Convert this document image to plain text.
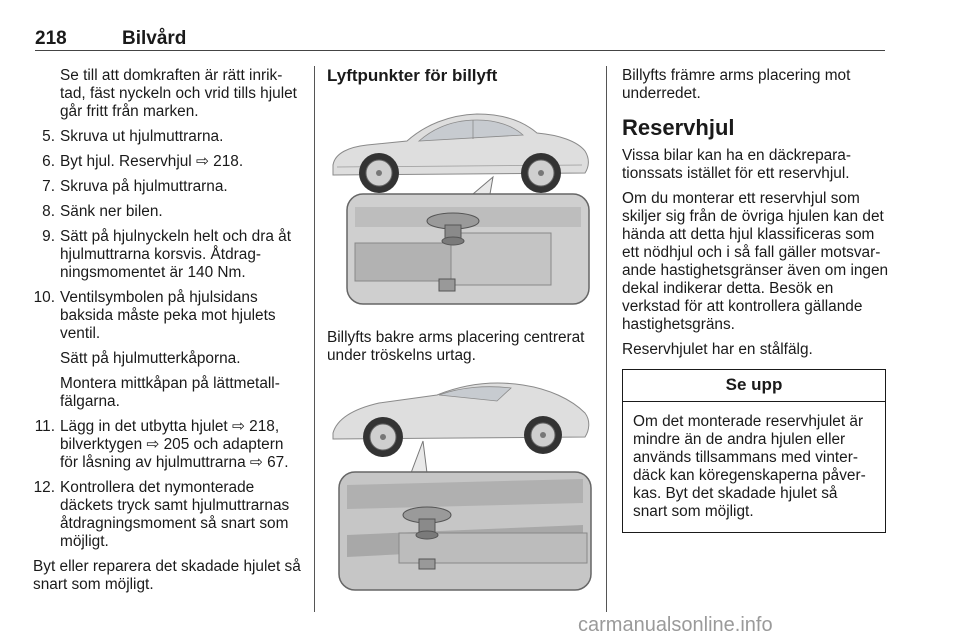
218	Bilvård
Se till att domkraften är rätt inrik-tad, fäst nyckeln och vrid tills hjulet går fritt från marken.
5. Skruva ut hjulmuttrarna.
6. Byt hjul. Reservhjul ⇨ 218.
7. Skruva på hjulmuttrarna.
8. Sänk ner bilen.
9. Sätt på hjulnyckeln helt och dra åt hjulmuttrarna korsvis. Åtdrag-ningsmomentet är 140 Nm.
10. Ventilsymbolen på hjulsidans baksida måste peka mot hjulets ventil.
Sätt på hjulmutterkåporna.
Montera mittkåpan på lättmetall-fälgarna.
11. Lägg in det utbytta hjulet ⇨ 218, bilverktygen ⇨ 205 och adaptern för låsning av hjulmuttrarna ⇨ 67.
12. Kontrollera det nymonterade däckets tryck samt hjulmuttrarnas åtdragningsmoment så snart som möjligt.
Byt eller reparera det skadade hjulet så snart som möjligt.
Lyftpunkter för billyft
Billyfts bakre arms placering centrerat under tröskelns urtag.
Billyfts främre arms placering mot underredet.
Reservhjul
Vissa bilar kan ha en däckrepara-tionssats istället för ett reservhjul.
Om du monterar ett reservhjul som skiljer sig från de övriga hjulen kan det hända att detta hjul klassificeras som ett nödhjul och i så fall gäller motsvar-ande hastighetsgränser även om ingen dekal indikerar detta. Besök en verkstad för att kontrollera gällande hastighetsgräns.
Reservhjulet har en stålfälg.
Se upp
Om det monterade reservhjulet är mindre än de andra hjulen eller används tillsammans med vinter-däck kan köregenskaperna påver-kas. Byt det skadade hjulet så snart som möjligt.
carmanualsonline.info
